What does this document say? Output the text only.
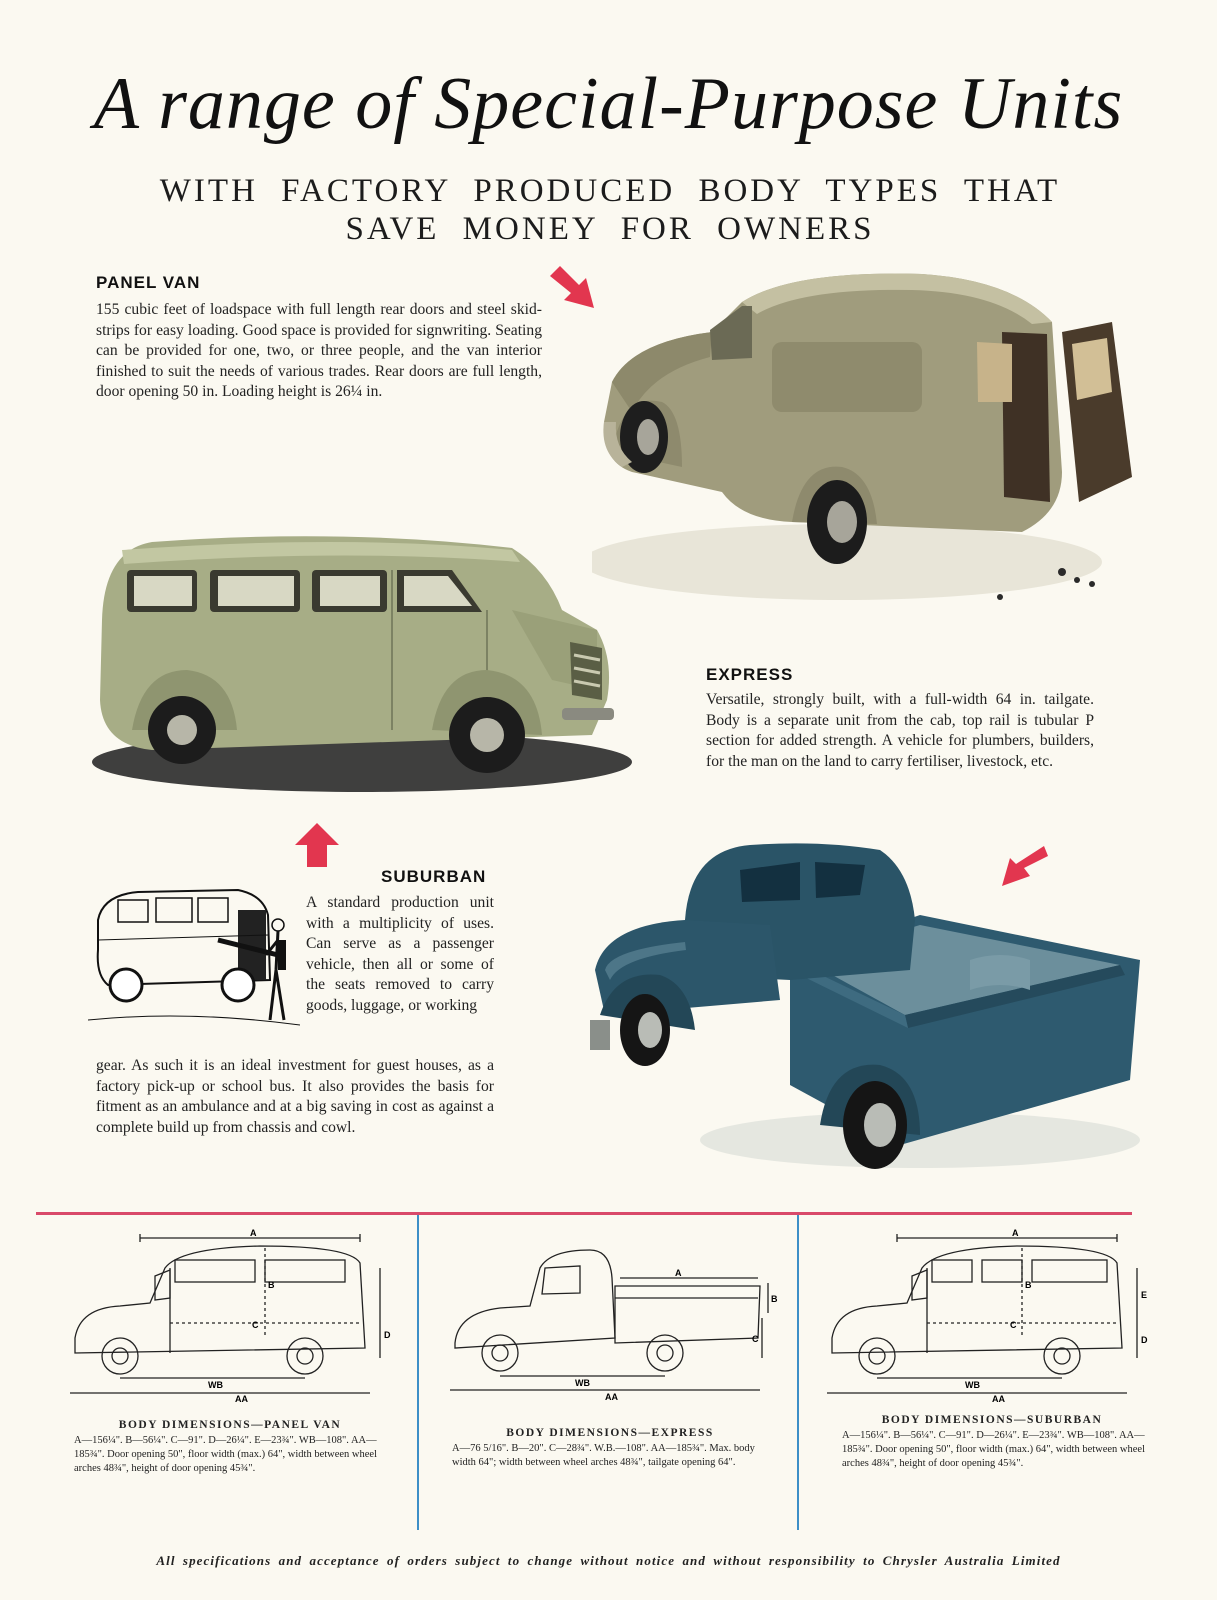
A range of Special-Purpose Units
WITH FACTORY PRODUCED BODY TYPES THAT SAVE MONEY FOR OWNERS
PANEL VAN
155 cubic feet of loadspace with full length rear doors and steel skid-strips for easy loading. Good space is provided for signwriting. Seating can be provided for one, two, or three people, and the van interior finished to suit the needs of various trades. Rear doors are full length, door opening 50 in. Loading height is 26¼ in.
EXPRESS
Versatile, strongly built, with a full-width 64 in. tailgate. Body is a separate unit from the cab, top rail is tubular P section for added strength. A vehicle for plumbers, builders, for the man on the land to carry fertiliser, livestock, etc.
SUBURBAN
A standard production unit with a multiplicity of uses. Can serve as a passenger vehicle, then all or some of the seats removed to carry goods, luggage, or working
gear. As such it is an ideal investment for guest houses, as a factory pick-up or school bus. It also provides the basis for fitment as an ambulance and at a big saving in cost as against a complete build up from chassis and cowl.
A
B
C
D
WB
AA
BODY DIMENSIONS—PANEL VAN
A—156¼". B—56¼". C—91". D—26¼". E—23¾". WB—108". AA—185¾". Door opening 50", floor width (max.) 64", width between wheel arches 48¾", height of door opening 45¾".
A
B
C
WB
AA
BODY DIMENSIONS—EXPRESS
A—76 5/16". B—20". C—28¾". W.B.—108". AA—185¾". Max. body width 64"; width between wheel arches 48¾", tailgate opening 64".
A
B
C
E
D
WB
AA
BODY DIMENSIONS—SUBURBAN
A—156¼". B—56¼". C—91". D—26¼". E—23¾". WB—108". AA—185¾". Door opening 50", floor width (max.) 64", width between wheel arches 48¾", height of door opening 45¾".
All specifications and acceptance of orders subject to change without notice and without responsibility to Chrysler Australia Limited
